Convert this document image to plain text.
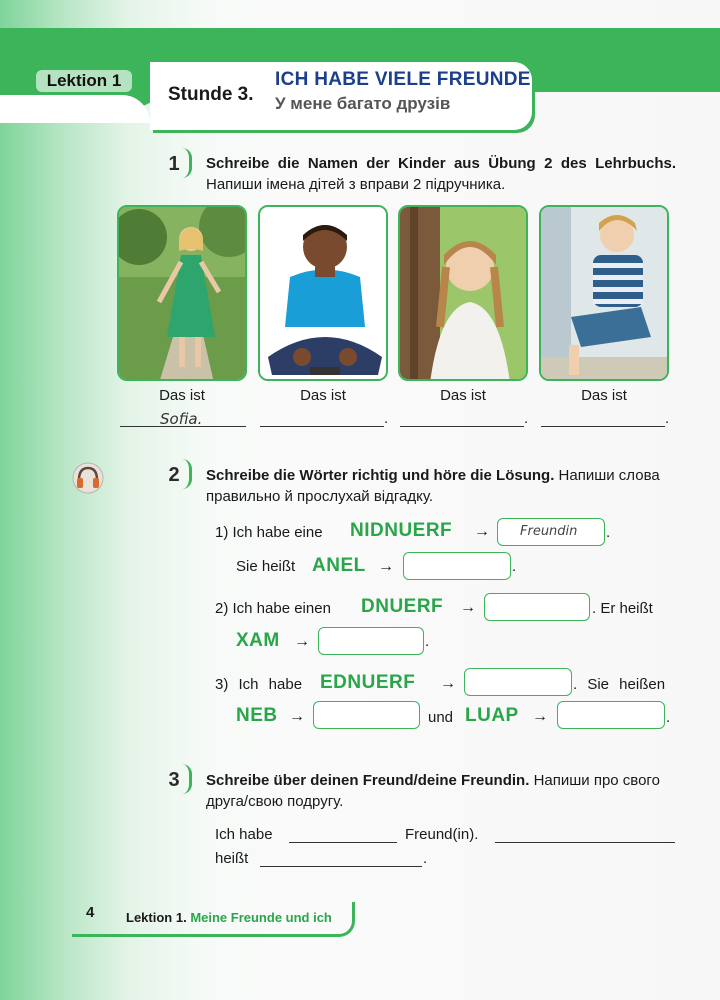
Lektion 1
Stunde 3.
ICH HABE VIELE FREUNDE
У мене багато друзів
1	Schreibe die Namen der Kinder aus Übung 2 des Lehrbuchs. Напиши імена дітей з вправи 2 підручника.
Das ist	Das ist	Das ist	Das ist
Sofia.	.	.	.
2	Schreibe die Wörter richtig und höre die Lösung. Напиши слова правильно й прослухай відгадку.
1) Ich habe eine NIDNUERF → Freundin .
Sie heißt ANEL →	.
2) Ich habe einen DNUERF →	. Er heißt
XAM →	.
3) Ich habe EDNUERF →	. Sie heißen
NEB →	und LUAP →	.
3	Schreibe über deinen Freund/deine Freundin. Напиши про свого друга/свою подругу.
Ich habe	Freund(in).
heißt	.
4 Lektion 1. Meine Freunde und ich
